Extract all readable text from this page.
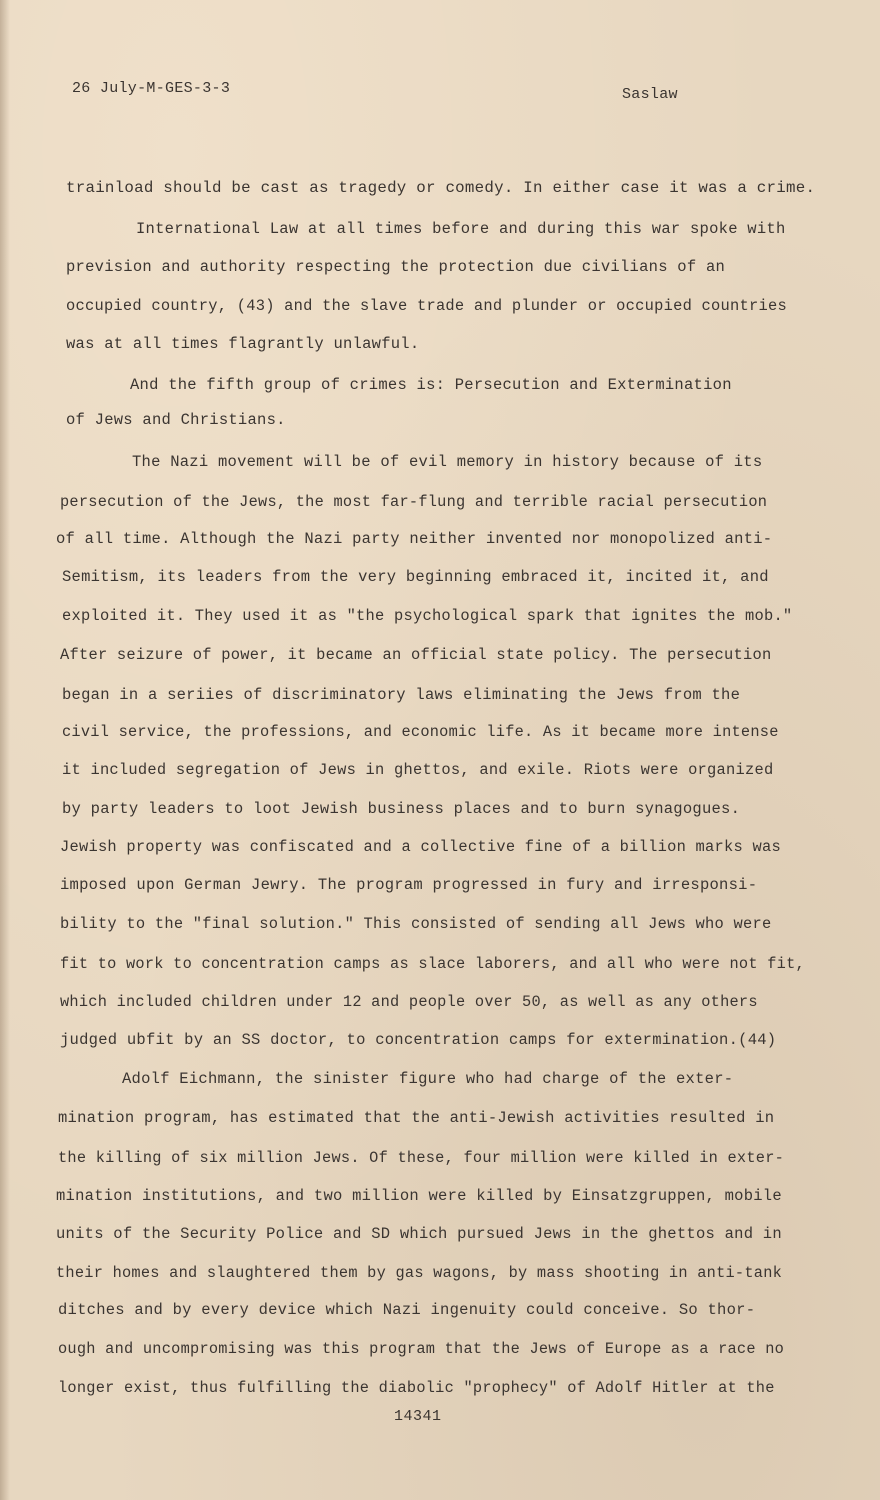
26 July-M-GES-3-3	Saslaw
trainload should be cast as tragedy or comedy. In either case it was a crime.
International Law at all times before and during this war spoke with
prevision and authority respecting the protection due civilians of an
occupied country, (43) and the slave trade and plunder or occupied countries
was at all times flagrantly unlawful.
And the fifth group of crimes is: Persecution and Extermination
of Jews and Christians.
The Nazi movement will be of evil memory in history because of its
persecution of the Jews, the most far-flung and terrible racial persecution
of all time. Although the Nazi party neither invented nor monopolized anti-
Semitism, its leaders from the very beginning embraced it, incited it, and
exploited it. They used it as "the psychological spark that ignites the mob."
After seizure of power, it became an official state policy. The persecution
began in a seriies of discriminatory laws eliminating the Jews from the
civil service, the professions, and economic life. As it became more intense
it included segregation of Jews in ghettos, and exile. Riots were organized
by party leaders to loot Jewish business places and to burn synagogues.
Jewish property was confiscated and a collective fine of a billion marks was
imposed upon German Jewry. The program progressed in fury and irresponsi-
bility to the "final solution." This consisted of sending all Jews who were
fit to work to concentration camps as slace laborers, and all who were not fit,
which included children under 12 and people over 50, as well as any others
judged ubfit by an SS doctor, to concentration camps for extermination.(44)
Adolf Eichmann, the sinister figure who had charge of the exter-
mination program, has estimated that the anti-Jewish activities resulted in
the killing of six million Jews. Of these, four million were killed in exter-
mination institutions, and two million were killed by Einsatzgruppen, mobile
units of the Security Police and SD which pursued Jews in the ghettos and in
their homes and slaughtered them by gas wagons, by mass shooting in anti-tank
ditches and by every device which Nazi ingenuity could conceive. So thor-
ough and uncompromising was this program that the Jews of Europe as a race no
longer exist, thus fulfilling the diabolic "prophecy" of Adolf Hitler at the
14341
